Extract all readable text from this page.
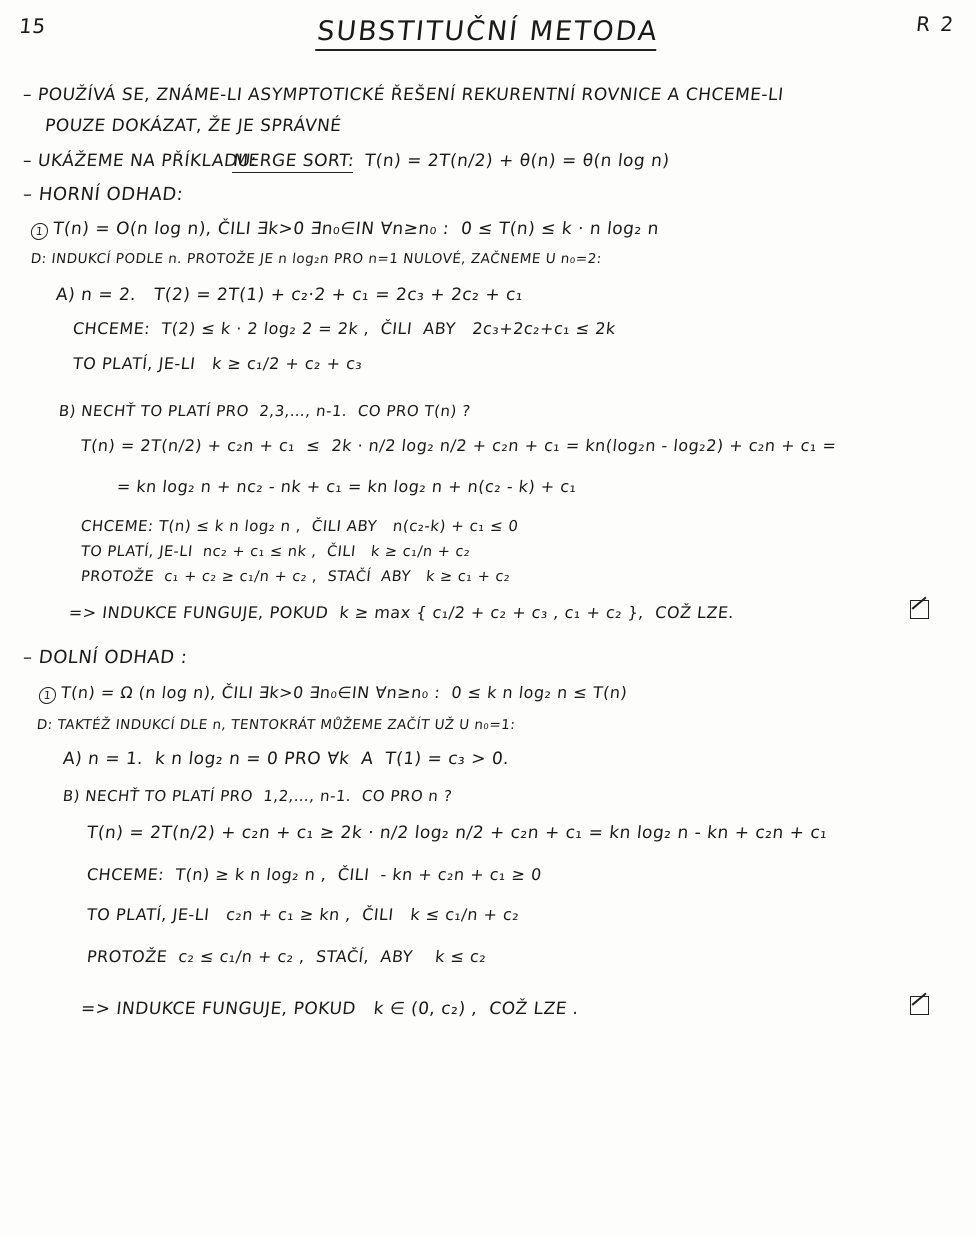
15	R 2
SUBSTITUČNÍ METODA
– POUŽÍVÁ SE, ZNÁME-LI ASYMPTOTICKÉ ŘEŠENÍ REKURENTNÍ ROVNICE A CHCEME-LI
POUZE DOKÁZAT, ŽE JE SPRÁVNÉ
– UKÁŽEME NA PŘÍKLADU:
MERGE SORT:
T(n) = 2T(n/2) + θ(n) = θ(n log n)
– HORNÍ ODHAD:
1 T(n) = O(n log n), ČILI ∃k>0 ∃n₀∈IN ∀n≥n₀ :  0 ≤ T(n) ≤ k · n log₂ n
D: INDUKCÍ PODLE n. PROTOŽE JE n log₂n PRO n=1 NULOVÉ, ZAČNEME U n₀=2:
A) n = 2.   T(2) = 2T(1) + c₂·2 + c₁ = 2c₃ + 2c₂ + c₁
CHCEME:  T(2) ≤ k · 2 log₂ 2 = 2k ,  ČILI  ABY   2c₃+2c₂+c₁ ≤ 2k
TO PLATÍ, JE-LI   k ≥ c₁/2 + c₂ + c₃
B) NECHŤ TO PLATÍ PRO  2,3,…, n-1.  CO PRO T(n) ?
T(n) = 2T(n/2) + c₂n + c₁  ≤  2k · n/2 log₂ n/2 + c₂n + c₁ = kn(log₂n - log₂2) + c₂n + c₁ =
= kn log₂ n + nc₂ - nk + c₁ = kn log₂ n + n(c₂ - k) + c₁
CHCEME: T(n) ≤ k n log₂ n ,  ČILI ABY   n(c₂-k) + c₁ ≤ 0
TO PLATÍ, JE-LI  nc₂ + c₁ ≤ nk ,  ČILI   k ≥ c₁/n + c₂
PROTOŽE  c₁ + c₂ ≥ c₁/n + c₂ ,  STAČÍ  ABY   k ≥ c₁ + c₂
=> INDUKCE FUNGUJE, POKUD  k ≥ max { c₁/2 + c₂ + c₃ , c₁ + c₂ },  COŽ LZE.
– DOLNÍ ODHAD :
1 T(n) = Ω (n log n), ČILI ∃k>0 ∃n₀∈IN ∀n≥n₀ :  0 ≤ k n log₂ n ≤ T(n)
D: TAKTÉŽ INDUKCÍ DLE n, TENTOKRÁT MŮŽEME ZAČÍT UŽ U n₀=1:
A) n = 1.  k n log₂ n = 0 PRO ∀k  A  T(1) = c₃ > 0.
B) NECHŤ TO PLATÍ PRO  1,2,…, n-1.  CO PRO n ?
T(n) = 2T(n/2) + c₂n + c₁ ≥ 2k · n/2 log₂ n/2 + c₂n + c₁ = kn log₂ n - kn + c₂n + c₁
CHCEME:  T(n) ≥ k n log₂ n ,  ČILI  - kn + c₂n + c₁ ≥ 0
TO PLATÍ, JE-LI   c₂n + c₁ ≥ kn ,  ČILI   k ≤ c₁/n + c₂
PROTOŽE  c₂ ≤ c₁/n + c₂ ,  STAČÍ,  ABY    k ≤ c₂
=> INDUKCE FUNGUJE, POKUD   k ∈ (0, c₂) ,  COŽ LZE .
